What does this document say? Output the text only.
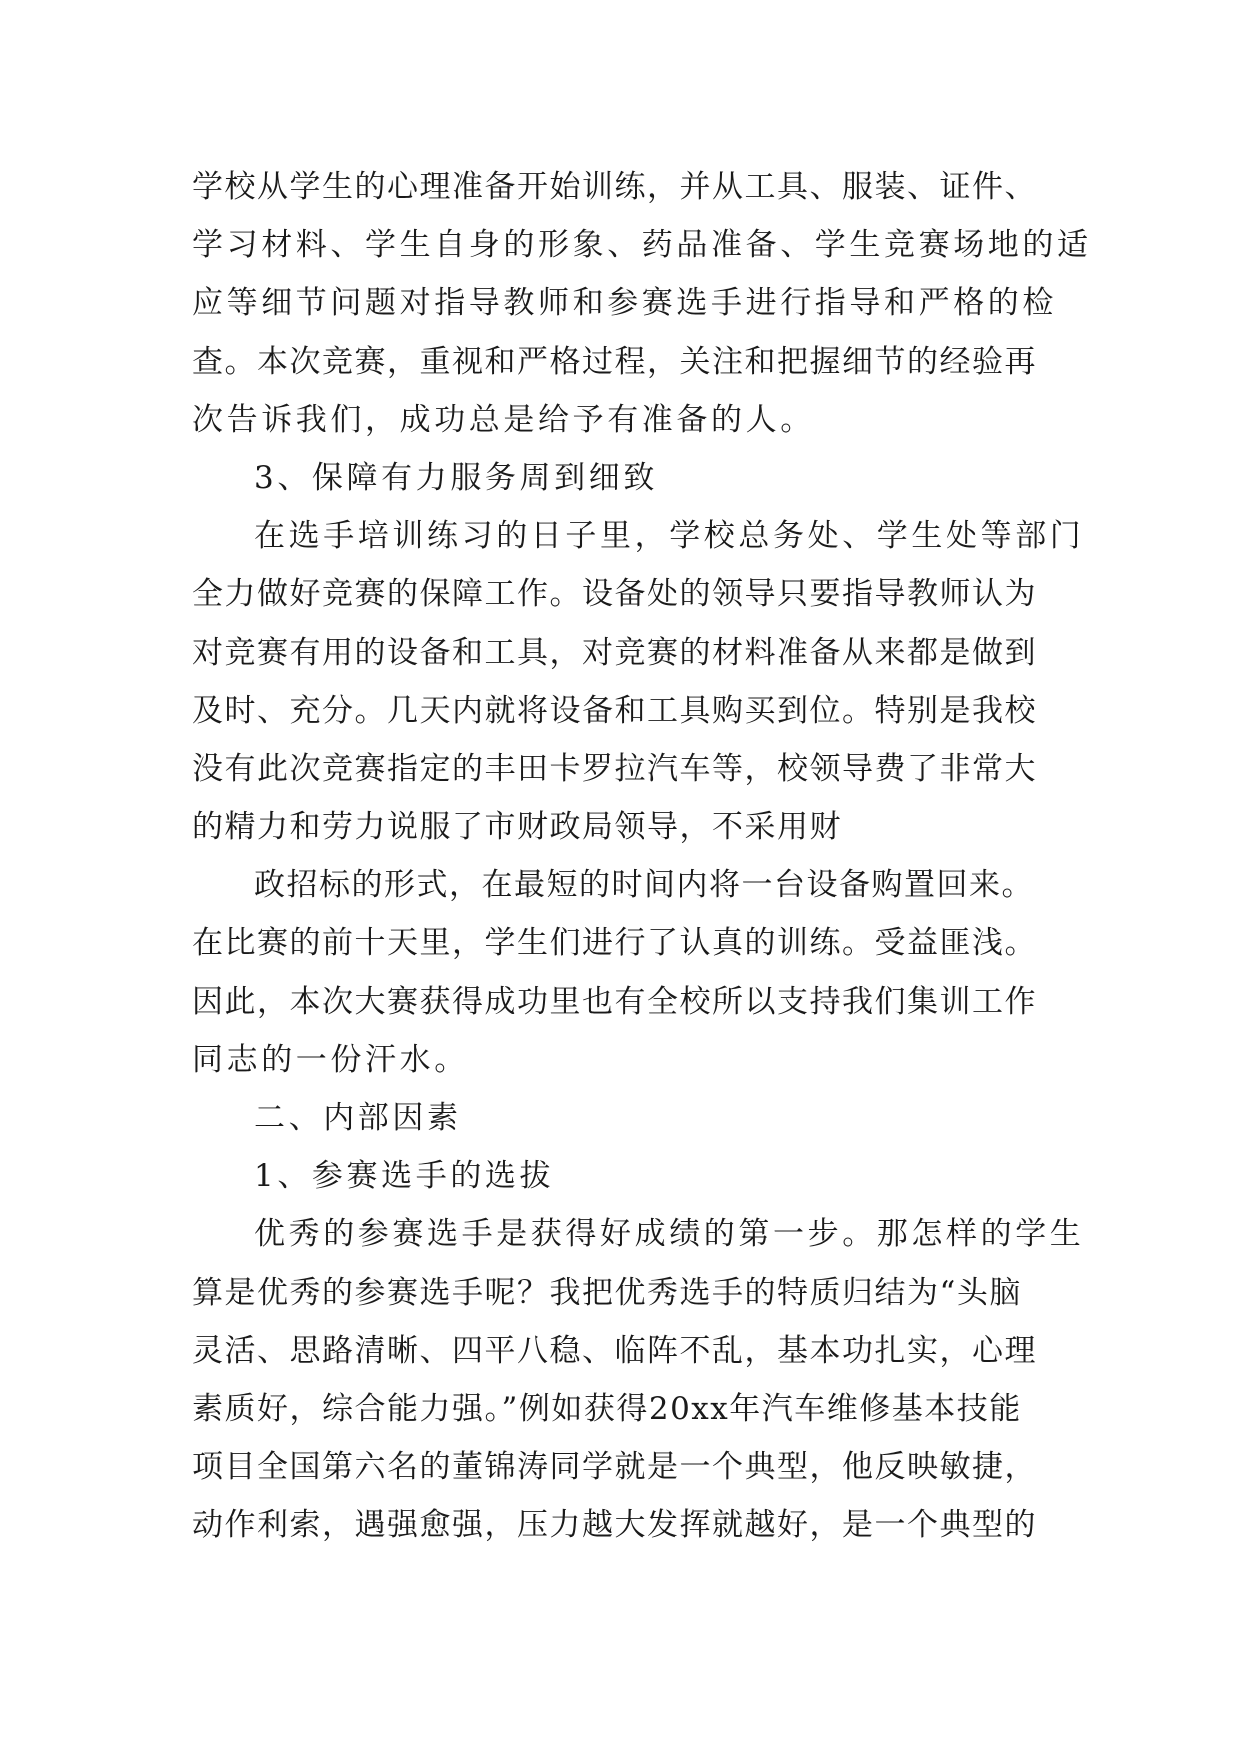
学校从学生的心理准备开始训练，并从工具、服装、证件、
学习材料、学生自身的形象、药品准备、学生竞赛场地的适
应等细节问题对指导教师和参赛选手进行指导和严格的检
查。本次竞赛，重视和严格过程，关注和把握细节的经验再
次告诉我们，成功总是给予有准备的人。
3、保障有力服务周到细致
在选手培训练习的日子里，学校总务处、学生处等部门
全力做好竞赛的保障工作。设备处的领导只要指导教师认为
对竞赛有用的设备和工具，对竞赛的材料准备从来都是做到
及时、充分。几天内就将设备和工具购买到位。特别是我校
没有此次竞赛指定的丰田卡罗拉汽车等，校领导费了非常大
的精力和劳力说服了市财政局领导，不采用财
政招标的形式，在最短的时间内将一台设备购置回来。
在比赛的前十天里，学生们进行了认真的训练。受益匪浅。
因此，本次大赛获得成功里也有全校所以支持我们集训工作
同志的一份汗水。
二、内部因素
1、参赛选手的选拔
优秀的参赛选手是获得好成绩的第一步。那怎样的学生
算是优秀的参赛选手呢？我把优秀选手的特质归结为“头脑
灵活、思路清晰、四平八稳、临阵不乱，基本功扎实，心理
素质好，综合能力强。”例如获得20xx年汽车维修基本技能
项目全国第六名的董锦涛同学就是一个典型，他反映敏捷，
动作利索，遇强愈强，压力越大发挥就越好，是一个典型的
